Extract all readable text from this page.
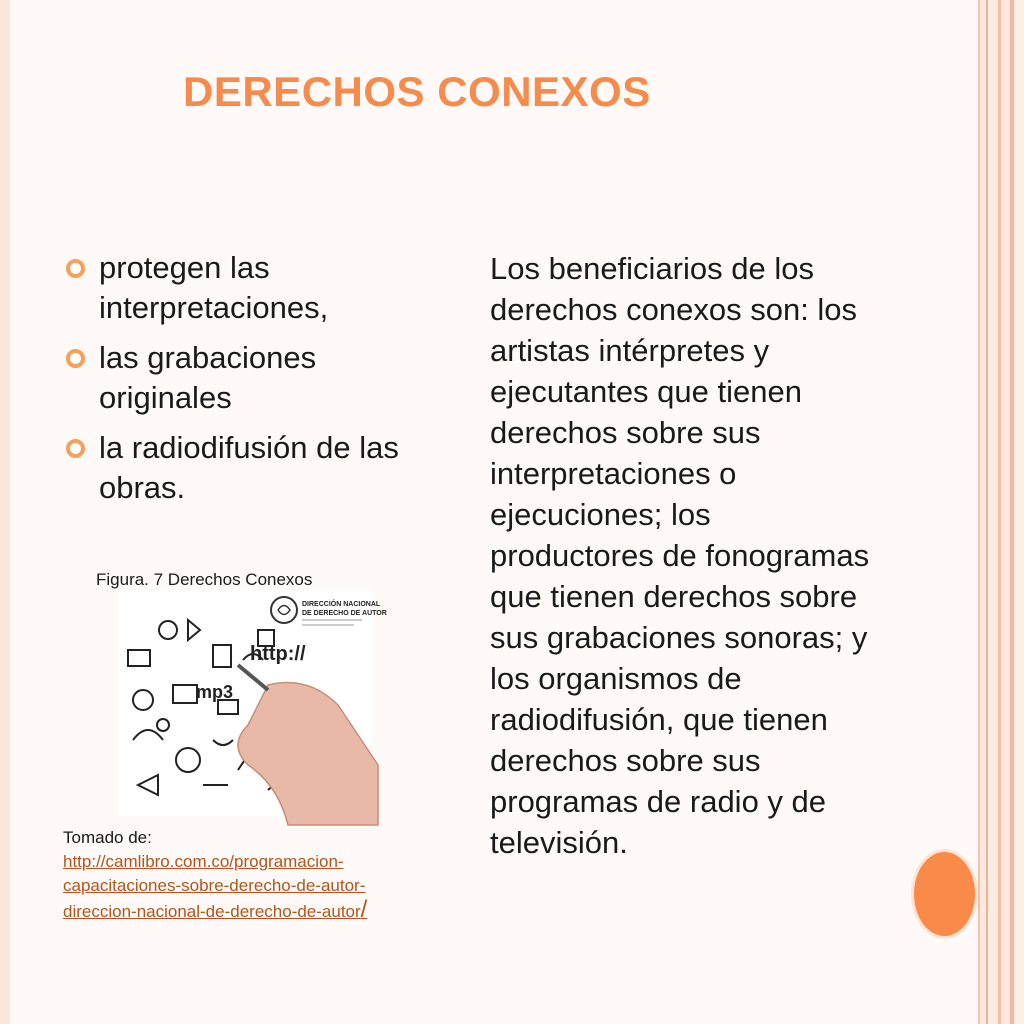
DERECHOS CONEXOS
protegen las interpretaciones,
las grabaciones originales
la radiodifusión de las obras.
Figura. 7 Derechos Conexos
DIRECCIÓN NACIONAL
DE DERECHO DE AUTOR
http://
mp3
Tomado de:
http://camlibro.com.co/programacion-capacitaciones-sobre-derecho-de-autor-direccion-nacional-de-derecho-de-autor/

Los beneficiarios de los derechos conexos son: los artistas intérpretes y ejecutantes que tienen derechos sobre sus interpretaciones o ejecuciones; los productores de fonogramas que tienen derechos sobre sus grabaciones sonoras; y los organismos de radiodifusión, que tienen derechos sobre sus programas de radio y de televisión.
